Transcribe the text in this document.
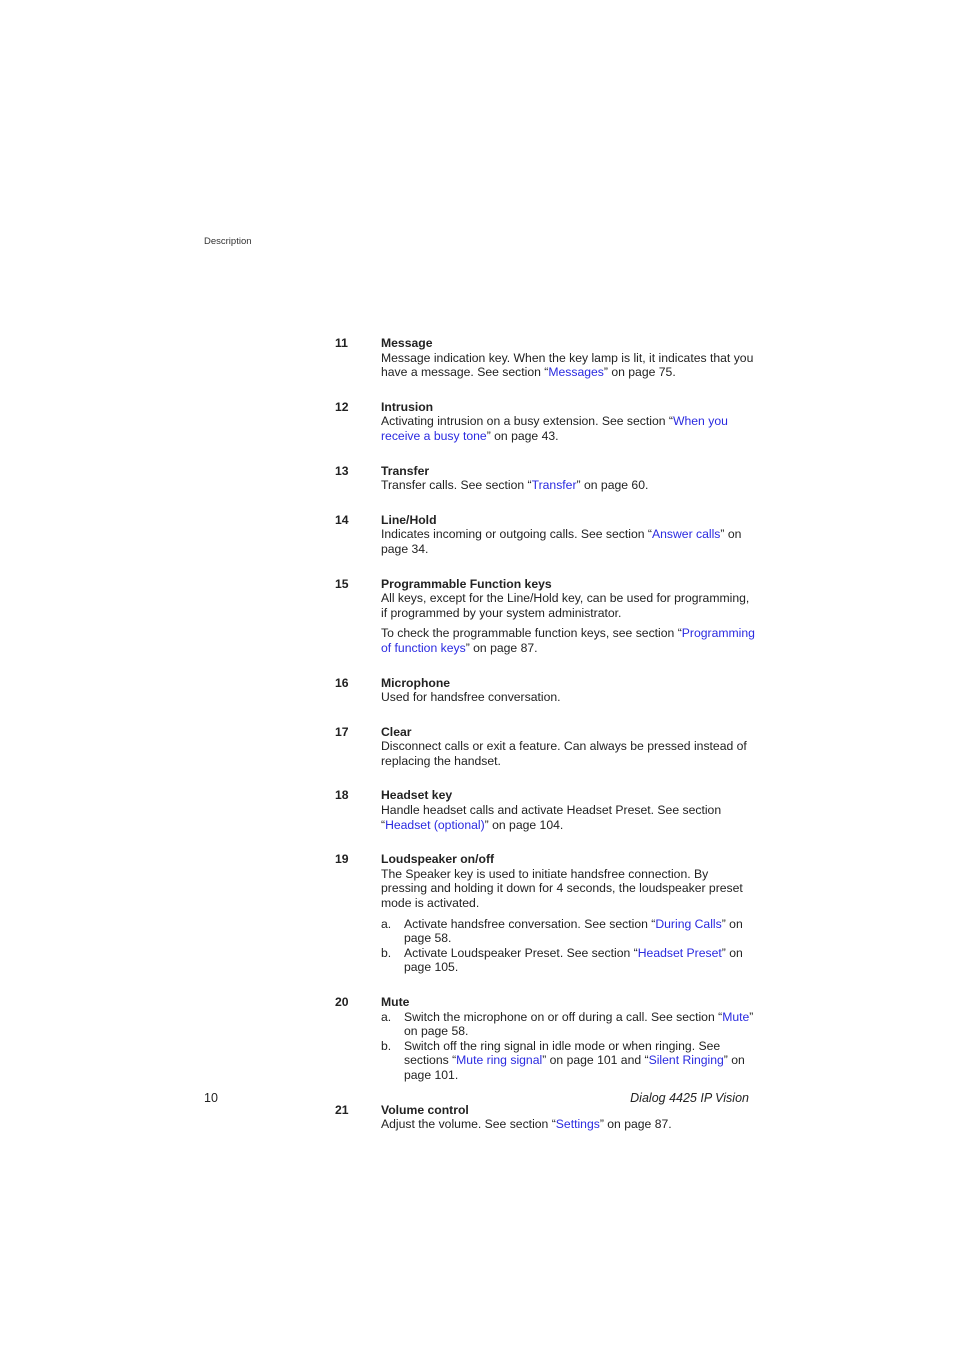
Description
11	Message
Message indication key. When the key lamp is lit, it indicates that you have a message. See section “Messages” on page 75.
12	Intrusion
Activating intrusion on a busy extension. See section “When you receive a busy tone” on page 43.
13	Transfer
Transfer calls. See section “Transfer” on page 60.
14	Line/Hold
Indicates incoming or outgoing calls. See section “Answer calls” on page 34.
15	Programmable Function keys
All keys, except for the Line/Hold key, can be used for programming, if programmed by your system administrator.
To check the programmable function keys, see section “Programming of function keys” on page 87.
16	Microphone
Used for handsfree conversation.
17	Clear
Disconnect calls or exit a feature. Can always be pressed instead of replacing the handset.
18	Headset key
Handle headset calls and activate Headset Preset. See section “Headset (optional)” on page 104.
19	Loudspeaker on/off
The Speaker key is used to initiate handsfree connection. By pressing and holding it down for 4 seconds, the loudspeaker preset mode is activated.
a. Activate handsfree conversation. See section “During Calls” on page 58.
b. Activate Loudspeaker Preset. See section “Headset Preset” on page 105.
20	Mute
a. Switch the microphone on or off during a call. See section “Mute” on page 58.
b. Switch off the ring signal in idle mode or when ringing. See sections “Mute ring signal” on page 101 and “Silent Ringing” on page 101.
21	Volume control
Adjust the volume. See section “Settings” on page 87.
10	Dialog 4425 IP Vision
